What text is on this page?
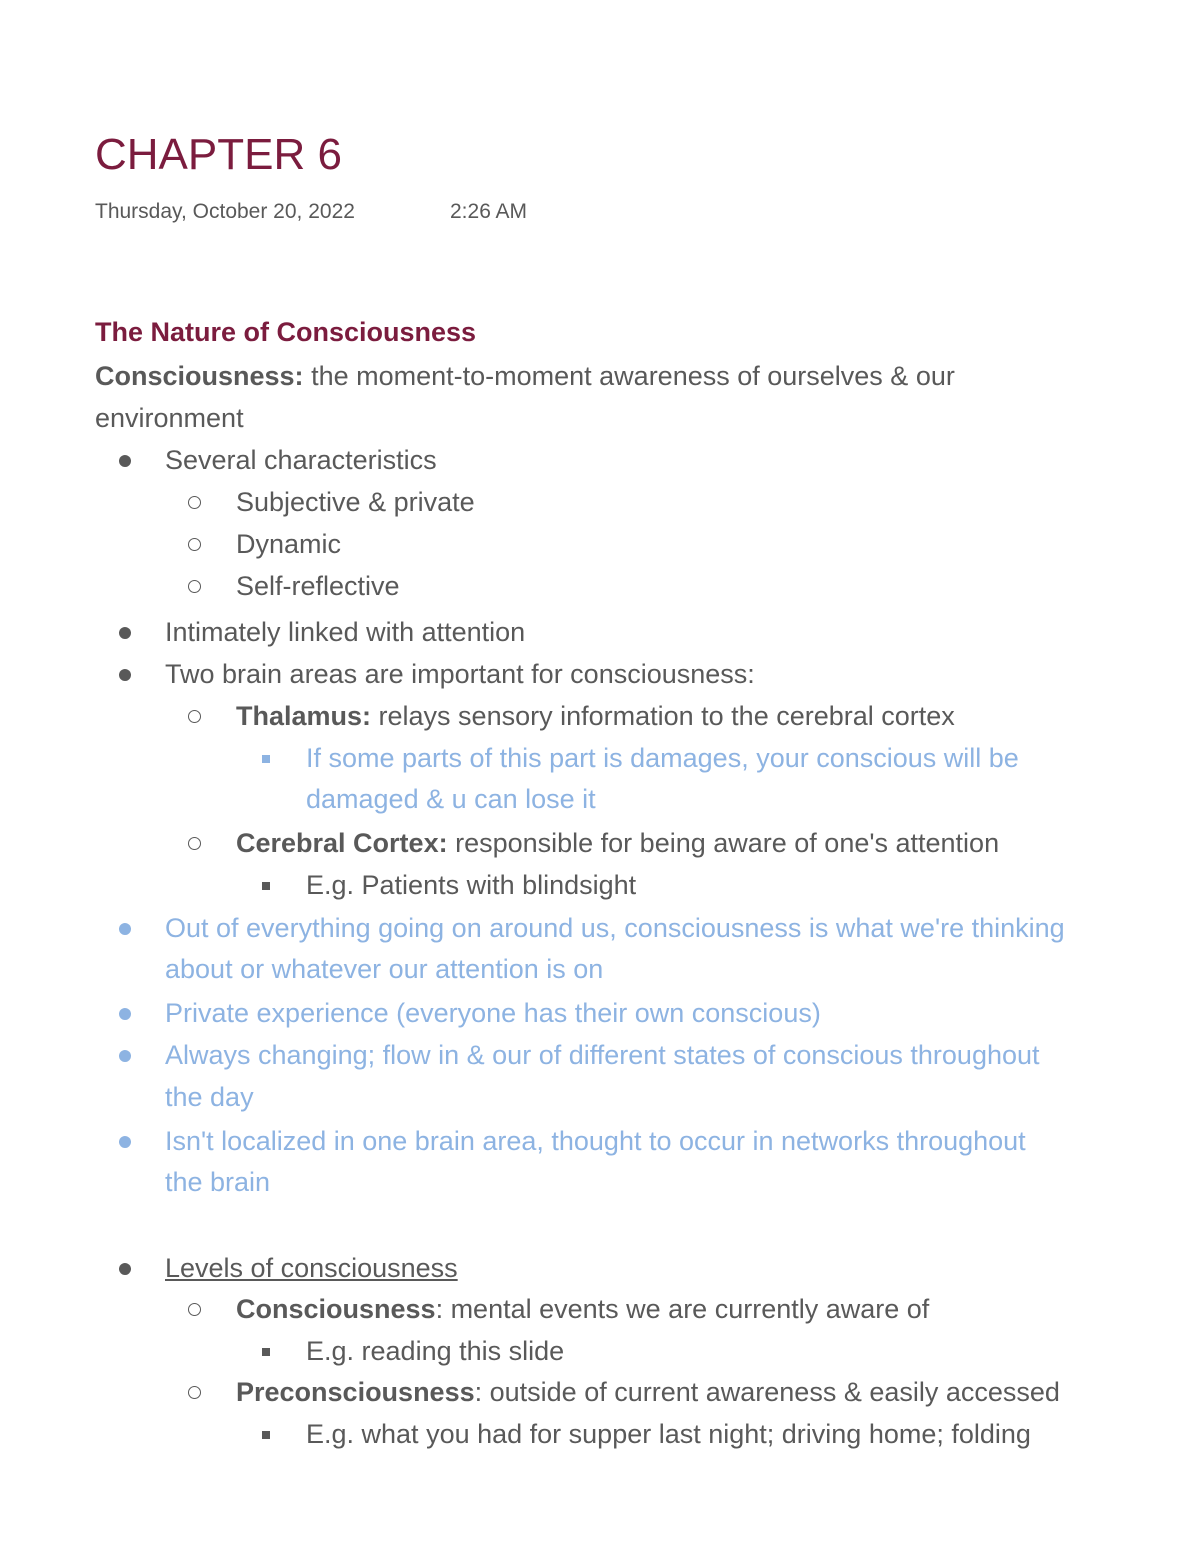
CHAPTER 6
Thursday, October 20, 2022	2:26 AM
The Nature of Consciousness
Consciousness: the moment-to-moment awareness of ourselves & our
environment
Several characteristics
Subjective & private
Dynamic
Self-reflective
Intimately linked with attention
Two brain areas are important for consciousness:
Thalamus: relays sensory information to the cerebral cortex
If some parts of this part is damages, your conscious will be
damaged & u can lose it
Cerebral Cortex: responsible for being aware of one's attention
E.g. Patients with blindsight
Out of everything going on around us, consciousness is what we're thinking
about or whatever our attention is on
Private experience (everyone has their own conscious)
Always changing; flow in & our of different states of conscious throughout
the day
Isn't localized in one brain area, thought to occur in networks throughout
the brain
Levels of consciousness
Consciousness: mental events we are currently aware of
E.g. reading this slide
Preconsciousness: outside of current awareness & easily accessed
E.g. what you had for supper last night; driving home; folding
